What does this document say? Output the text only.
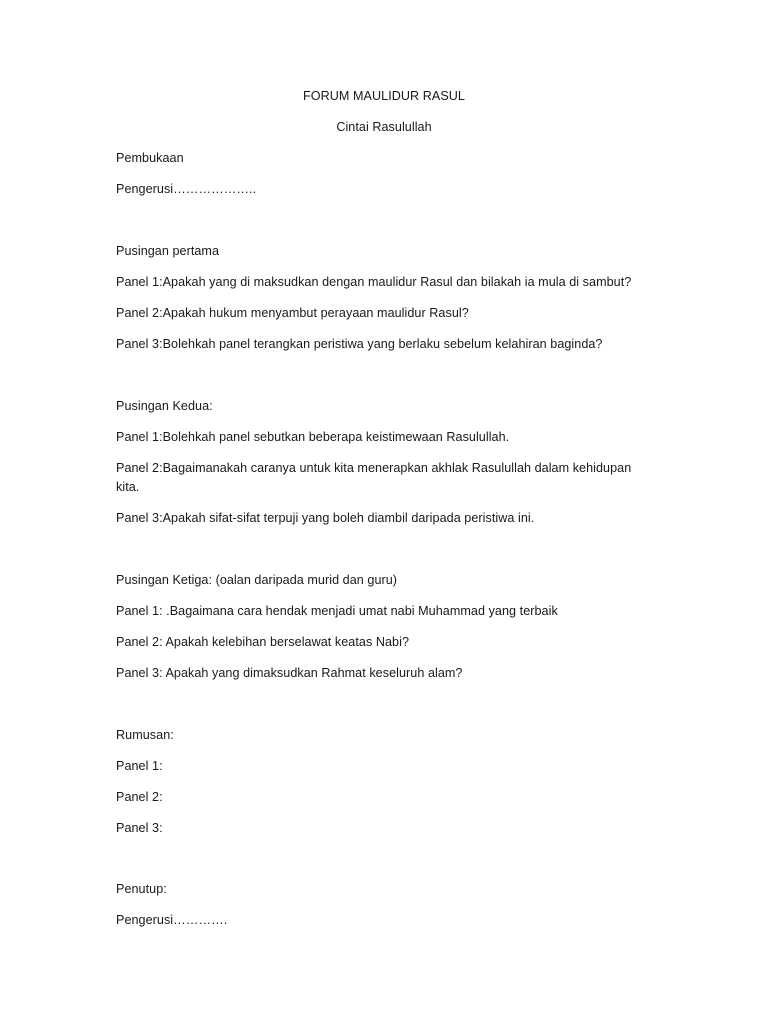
FORUM MAULIDUR RASUL
Cintai Rasulullah
Pembukaan
Pengerusi………………..
Pusingan pertama
Panel 1:Apakah yang di maksudkan dengan maulidur Rasul dan bilakah ia mula di sambut?
Panel 2:Apakah hukum menyambut perayaan maulidur Rasul?
Panel 3:Bolehkah panel terangkan peristiwa yang berlaku sebelum kelahiran baginda?
Pusingan Kedua:
Panel 1:Bolehkah panel sebutkan beberapa keistimewaan Rasulullah.
Panel 2:Bagaimanakah caranya untuk kita menerapkan akhlak Rasulullah dalam kehidupan kita.
Panel 3:Apakah sifat-sifat terpuji yang boleh diambil daripada peristiwa ini.
Pusingan Ketiga: (oalan daripada murid dan guru)
Panel 1: .Bagaimana cara hendak menjadi umat nabi Muhammad yang terbaik
Panel 2: Apakah kelebihan berselawat keatas Nabi?
Panel 3: Apakah yang dimaksudkan Rahmat keseluruh alam?
Rumusan:
Panel 1:
Panel 2:
Panel 3:
Penutup:
Pengerusi………….
